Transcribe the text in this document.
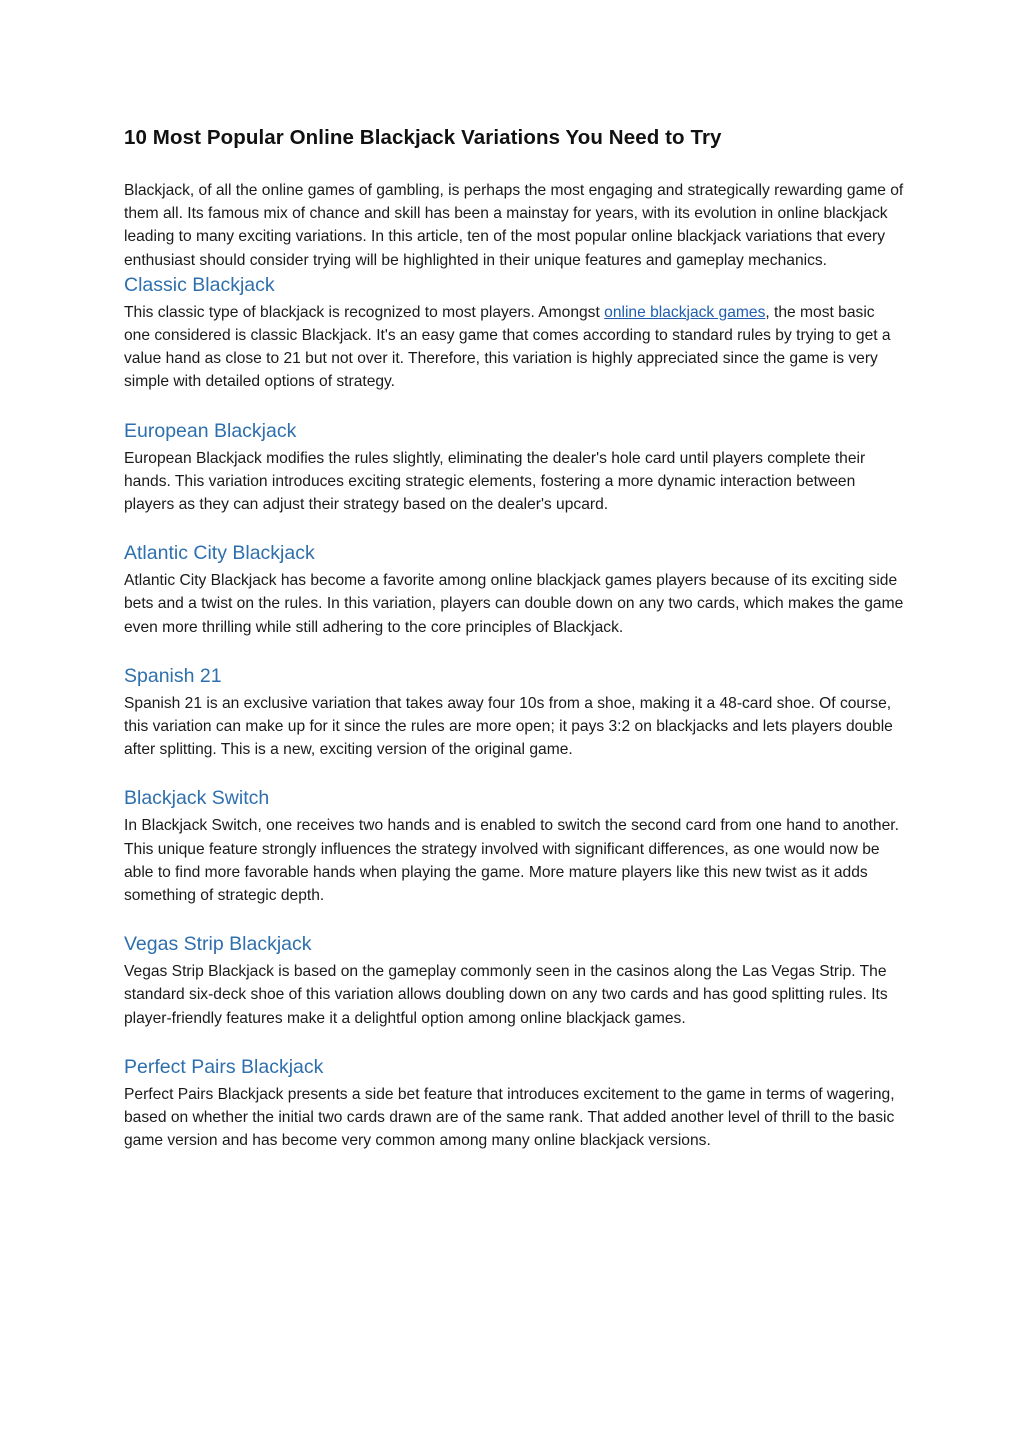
10 Most Popular Online Blackjack Variations You Need to Try

Blackjack, of all the online games of gambling, is perhaps the most engaging and strategically rewarding game of them all. Its famous mix of chance and skill has been a mainstay for years, with its evolution in online blackjack leading to many exciting variations. In this article, ten of the most popular online blackjack variations that every enthusiast should consider trying will be highlighted in their unique features and gameplay mechanics.

Classic Blackjack

This classic type of blackjack is recognized to most players. Amongst online blackjack games, the most basic one considered is classic Blackjack. It's an easy game that comes according to standard rules by trying to get a value hand as close to 21 but not over it. Therefore, this variation is highly appreciated since the game is very simple with detailed options of strategy.

European Blackjack

European Blackjack modifies the rules slightly, eliminating the dealer's hole card until players complete their hands. This variation introduces exciting strategic elements, fostering a more dynamic interaction between players as they can adjust their strategy based on the dealer's upcard.

Atlantic City Blackjack

Atlantic City Blackjack has become a favorite among online blackjack games players because of its exciting side bets and a twist on the rules. In this variation, players can double down on any two cards, which makes the game even more thrilling while still adhering to the core principles of Blackjack.

Spanish 21

Spanish 21 is an exclusive variation that takes away four 10s from a shoe, making it a 48-card shoe. Of course, this variation can make up for it since the rules are more open; it pays 3:2 on blackjacks and lets players double after splitting. This is a new, exciting version of the original game.

Blackjack Switch

In Blackjack Switch, one receives two hands and is enabled to switch the second card from one hand to another. This unique feature strongly influences the strategy involved with significant differences, as one would now be able to find more favorable hands when playing the game. More mature players like this new twist as it adds something of strategic depth.

Vegas Strip Blackjack

Vegas Strip Blackjack is based on the gameplay commonly seen in the casinos along the Las Vegas Strip. The standard six-deck shoe of this variation allows doubling down on any two cards and has good splitting rules. Its player-friendly features make it a delightful option among online blackjack games.

Perfect Pairs Blackjack

Perfect Pairs Blackjack presents a side bet feature that introduces excitement to the game in terms of wagering, based on whether the initial two cards drawn are of the same rank. That added another level of thrill to the basic game version and has become very common among many online blackjack versions.
